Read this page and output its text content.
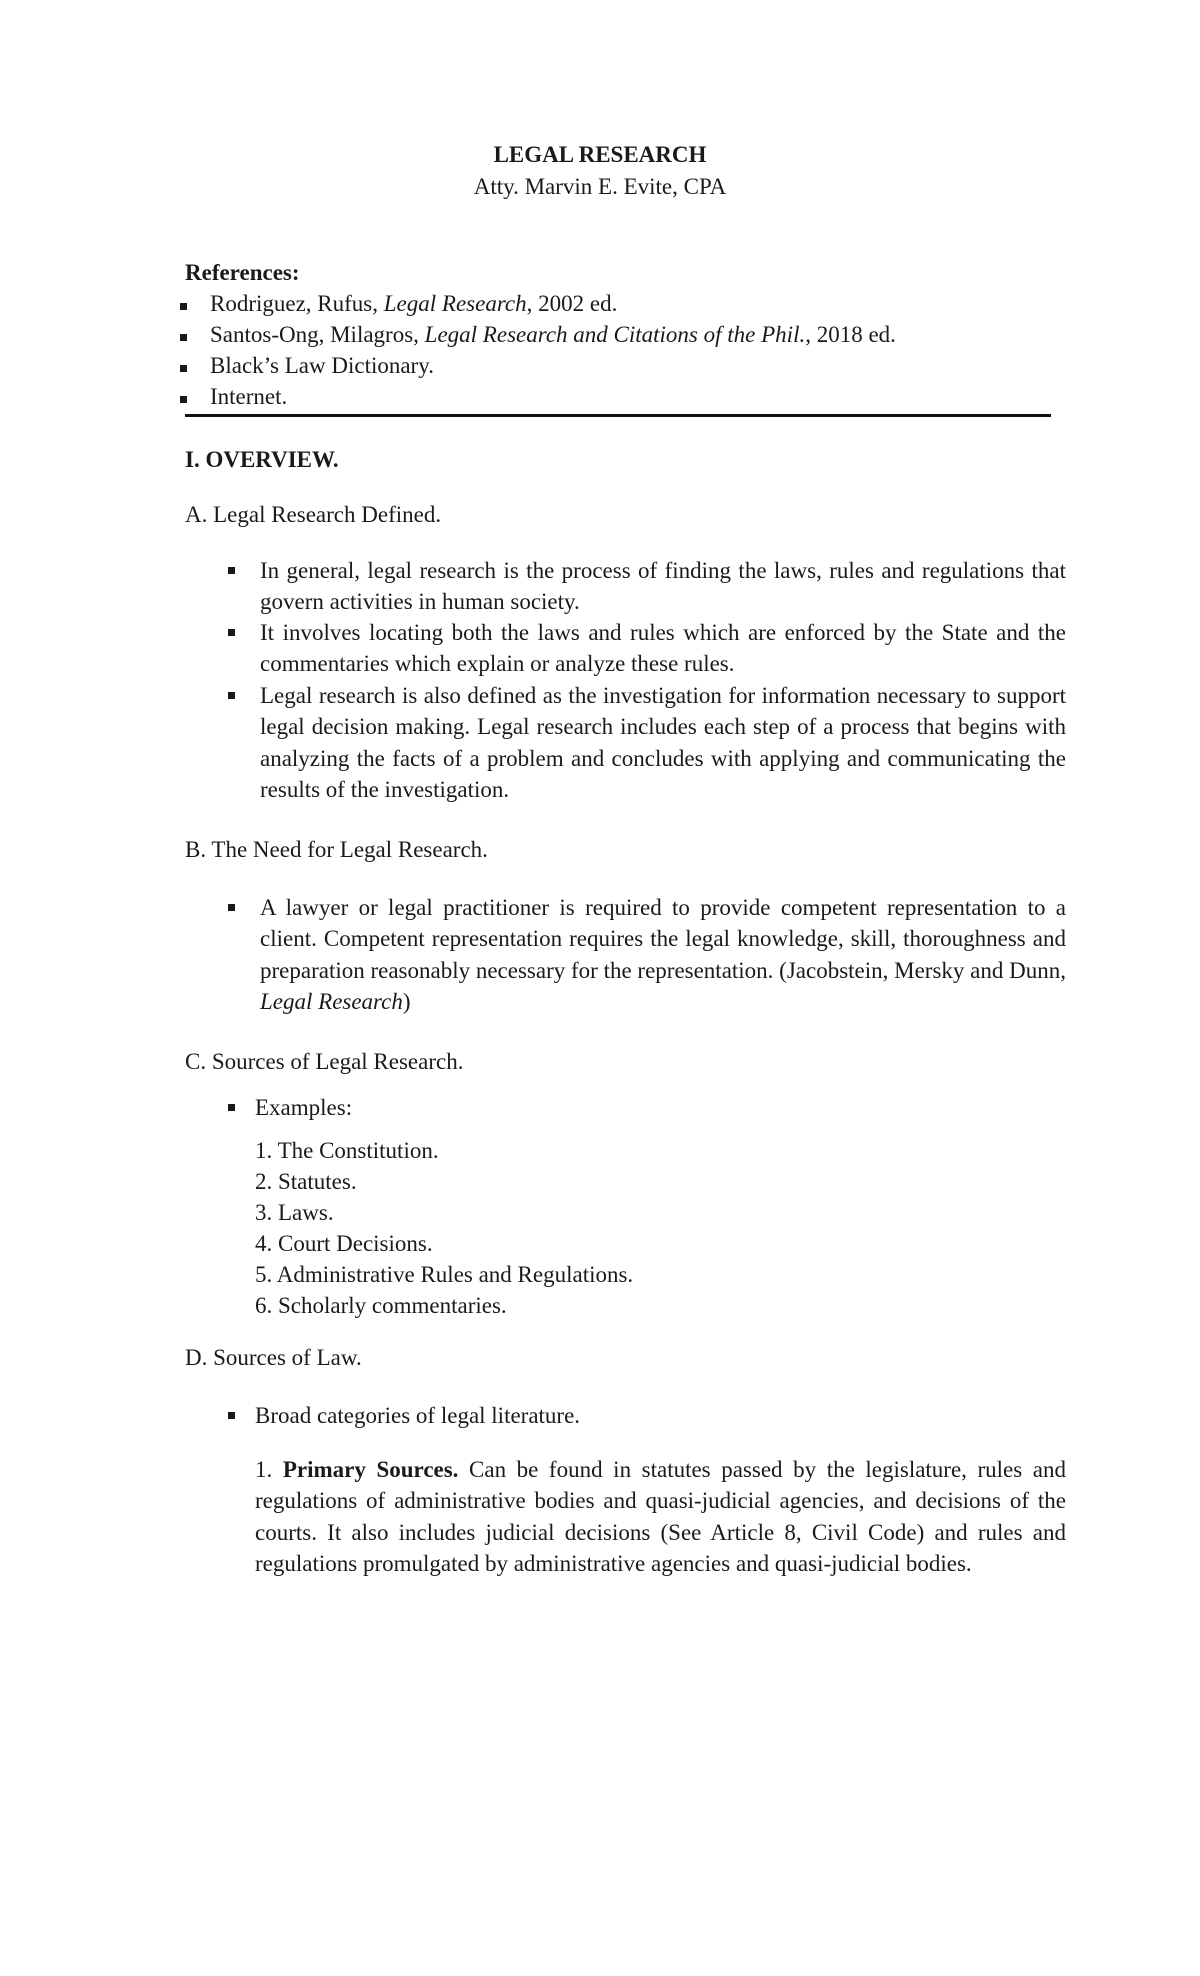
LEGAL RESEARCH
Atty. Marvin E. Evite, CPA
References:
Rodriguez, Rufus, Legal Research, 2002 ed.
Santos-Ong, Milagros, Legal Research and Citations of the Phil., 2018 ed.
Black’s Law Dictionary.
Internet.
I. OVERVIEW.
A. Legal Research Defined.
In general, legal research is the process of finding the laws, rules and regulations that govern activities in human society.
It involves locating both the laws and rules which are enforced by the State and the commentaries which explain or analyze these rules.
Legal research is also defined as the investigation for information necessary to support legal decision making. Legal research includes each step of a process that begins with analyzing the facts of a problem and concludes with applying and communicating the results of the investigation.
B. The Need for Legal Research.
A lawyer or legal practitioner is required to provide competent representation to a client. Competent representation requires the legal knowledge, skill, thoroughness and preparation reasonably necessary for the representation. (Jacobstein, Mersky and Dunn, Legal Research)
C. Sources of Legal Research.
Examples:
1. The Constitution.
2. Statutes.
3. Laws.
4. Court Decisions.
5. Administrative Rules and Regulations.
6. Scholarly commentaries.
D. Sources of Law.
Broad categories of legal literature.
1. Primary Sources. Can be found in statutes passed by the legislature, rules and regulations of administrative bodies and quasi-judicial agencies, and decisions of the courts. It also includes judicial decisions (See Article 8, Civil Code) and rules and regulations promulgated by administrative agencies and quasi-judicial bodies.
